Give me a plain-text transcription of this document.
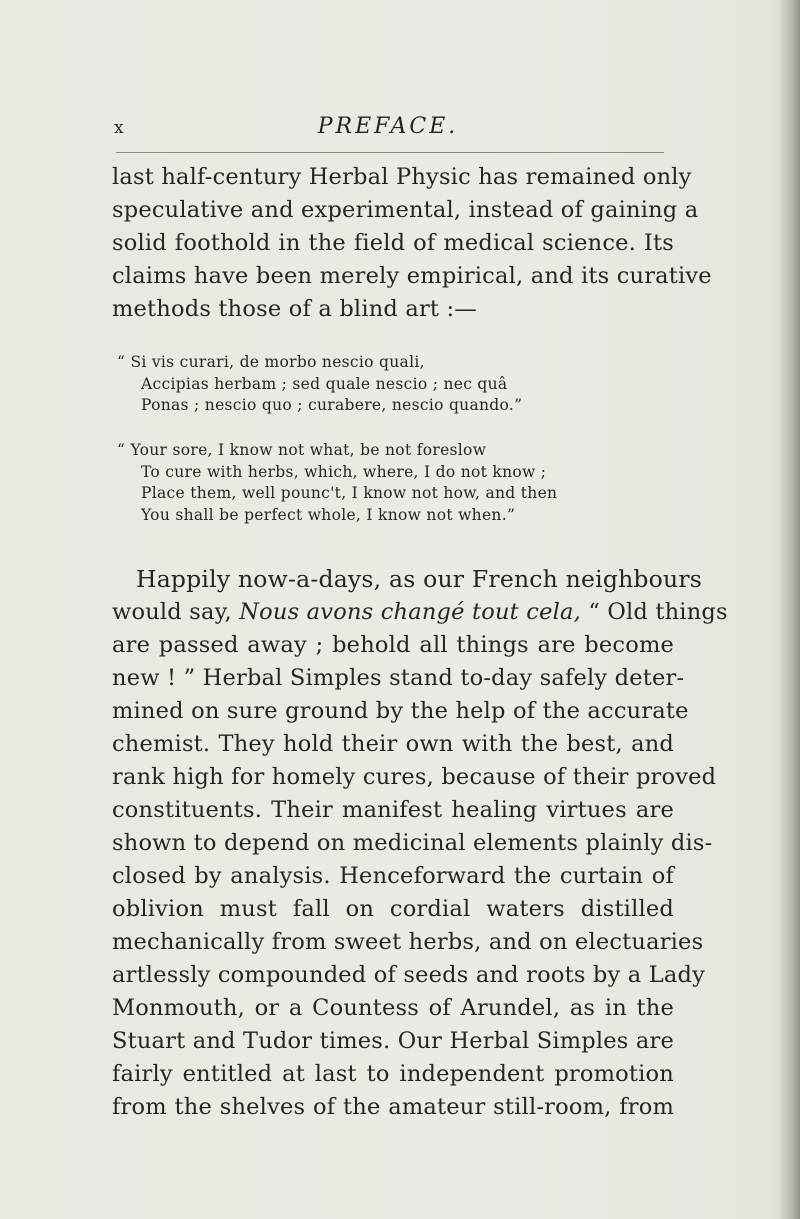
x	PREFACE.
last half-century Herbal Physic has remained only
speculative and experimental, instead of gaining a
solid foothold in the field of medical science. Its
claims have been merely empirical, and its curative
methods those of a blind art :—
“ Si vis curari, de morbo nescio quali,
Accipias herbam ; sed quale nescio ; nec quâ
Ponas ; nescio quo ; curabere, nescio quando.”
“ Your sore, I know not what, be not foreslow
To cure with herbs, which, where, I do not know ;
Place them, well pounc't, I know not how, and then
You shall be perfect whole, I know not when.”
Happily now-a-days, as our French neighbours
would say, Nous avons changé tout cela, “ Old things
are passed away ; behold all things are become
new ! ” Herbal Simples stand to-day safely deter-
mined on sure ground by the help of the accurate
chemist. They hold their own with the best, and
rank high for homely cures, because of their proved
constituents. Their manifest healing virtues are
shown to depend on medicinal elements plainly dis-
closed by analysis. Henceforward the curtain of
oblivion must fall on cordial waters distilled
mechanically from sweet herbs, and on electuaries
artlessly compounded of seeds and roots by a Lady
Monmouth, or a Countess of Arundel, as in the
Stuart and Tudor times. Our Herbal Simples are
fairly entitled at last to independent promotion
from the shelves of the amateur still-room, from
